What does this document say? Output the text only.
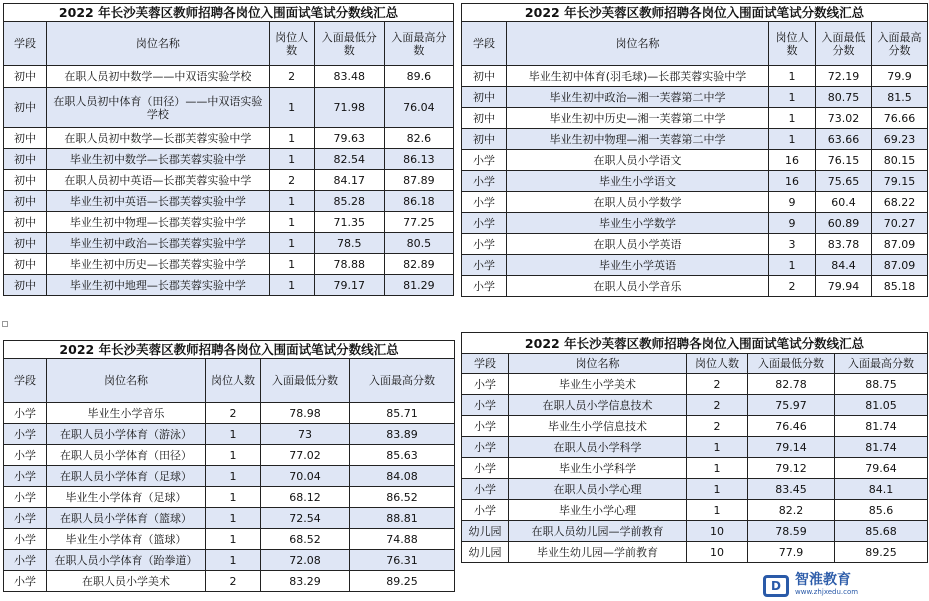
2022 年长沙芙蓉区教师招聘各岗位入围面试笔试分数线汇总				
学段	岗位名称	岗位人数	入面最低分数	入面最高分数
初中	在职人员初中数学——中双语实验学校	2	83.48	89.6
初中	在职人员初中体育（田径）——中双语实验学校	1	71.98	76.04
初中	在职人员初中数学—长郡芙蓉实验中学	1	79.63	82.6
初中	毕业生初中数学—长郡芙蓉实验中学	1	82.54	86.13
初中	在职人员初中英语—长郡芙蓉实验中学	2	84.17	87.89
初中	毕业生初中英语—长郡芙蓉实验中学	1	85.28	86.18
初中	毕业生初中物理—长郡芙蓉实验中学	1	71.35	77.25
初中	毕业生初中政治—长郡芙蓉实验中学	1	78.5	80.5
初中	毕业生初中历史—长郡芙蓉实验中学	1	78.88	82.89
初中	毕业生初中地理—长郡芙蓉实验中学	1	79.17	81.29
2022 年长沙芙蓉区教师招聘各岗位入围面试笔试分数线汇总				
学段	岗位名称	岗位人数	入面最低分数	入面最高分数
初中	毕业生初中体育(羽毛球)—长郡芙蓉实验中学	1	72.19	79.9
初中	毕业生初中政治—湘一芙蓉第二中学	1	80.75	81.5
初中	毕业生初中历史—湘一芙蓉第二中学	1	73.02	76.66
初中	毕业生初中物理—湘一芙蓉第二中学	1	63.66	69.23
小学	在职人员小学语文	16	76.15	80.15
小学	毕业生小学语文	16	75.65	79.15
小学	在职人员小学数学	9	60.4	68.22
小学	毕业生小学数学	9	60.89	70.27
小学	在职人员小学英语	3	83.78	87.09
小学	毕业生小学英语	1	84.4	87.09
小学	在职人员小学音乐	2	79.94	85.18
2022 年长沙芙蓉区教师招聘各岗位入围面试笔试分数线汇总				
学段	岗位名称	岗位人数	入面最低分数	入面最高分数
小学	毕业生小学音乐	2	78.98	85.71
小学	在职人员小学体育（游泳）	1	73	83.89
小学	在职人员小学体育（田径）	1	77.02	85.63
小学	在职人员小学体育（足球）	1	70.04	84.08
小学	毕业生小学体育（足球）	1	68.12	86.52
小学	在职人员小学体育（篮球）	1	72.54	88.81
小学	毕业生小学体育（篮球）	1	68.52	74.88
小学	在职人员小学体育（跆拳道）	1	72.08	76.31
小学	在职人员小学美术	2	83.29	89.25
2022 年长沙芙蓉区教师招聘各岗位入围面试笔试分数线汇总				
学段	岗位名称	岗位人数	入面最低分数	入面最高分数
小学	毕业生小学美术	2	82.78	88.75
小学	在职人员小学信息技术	2	75.97	81.05
小学	毕业生小学信息技术	2	76.46	81.74
小学	在职人员小学科学	1	79.14	81.74
小学	毕业生小学科学	1	79.12	79.64
小学	在职人员小学心理	1	83.45	84.1
小学	毕业生小学心理	1	82.2	85.6
幼儿园	在职人员幼儿园—学前教育	10	78.59	85.68
幼儿园	毕业生幼儿园—学前教育	10	77.9	89.25
D	智淮教育
www.zhjxedu.com
